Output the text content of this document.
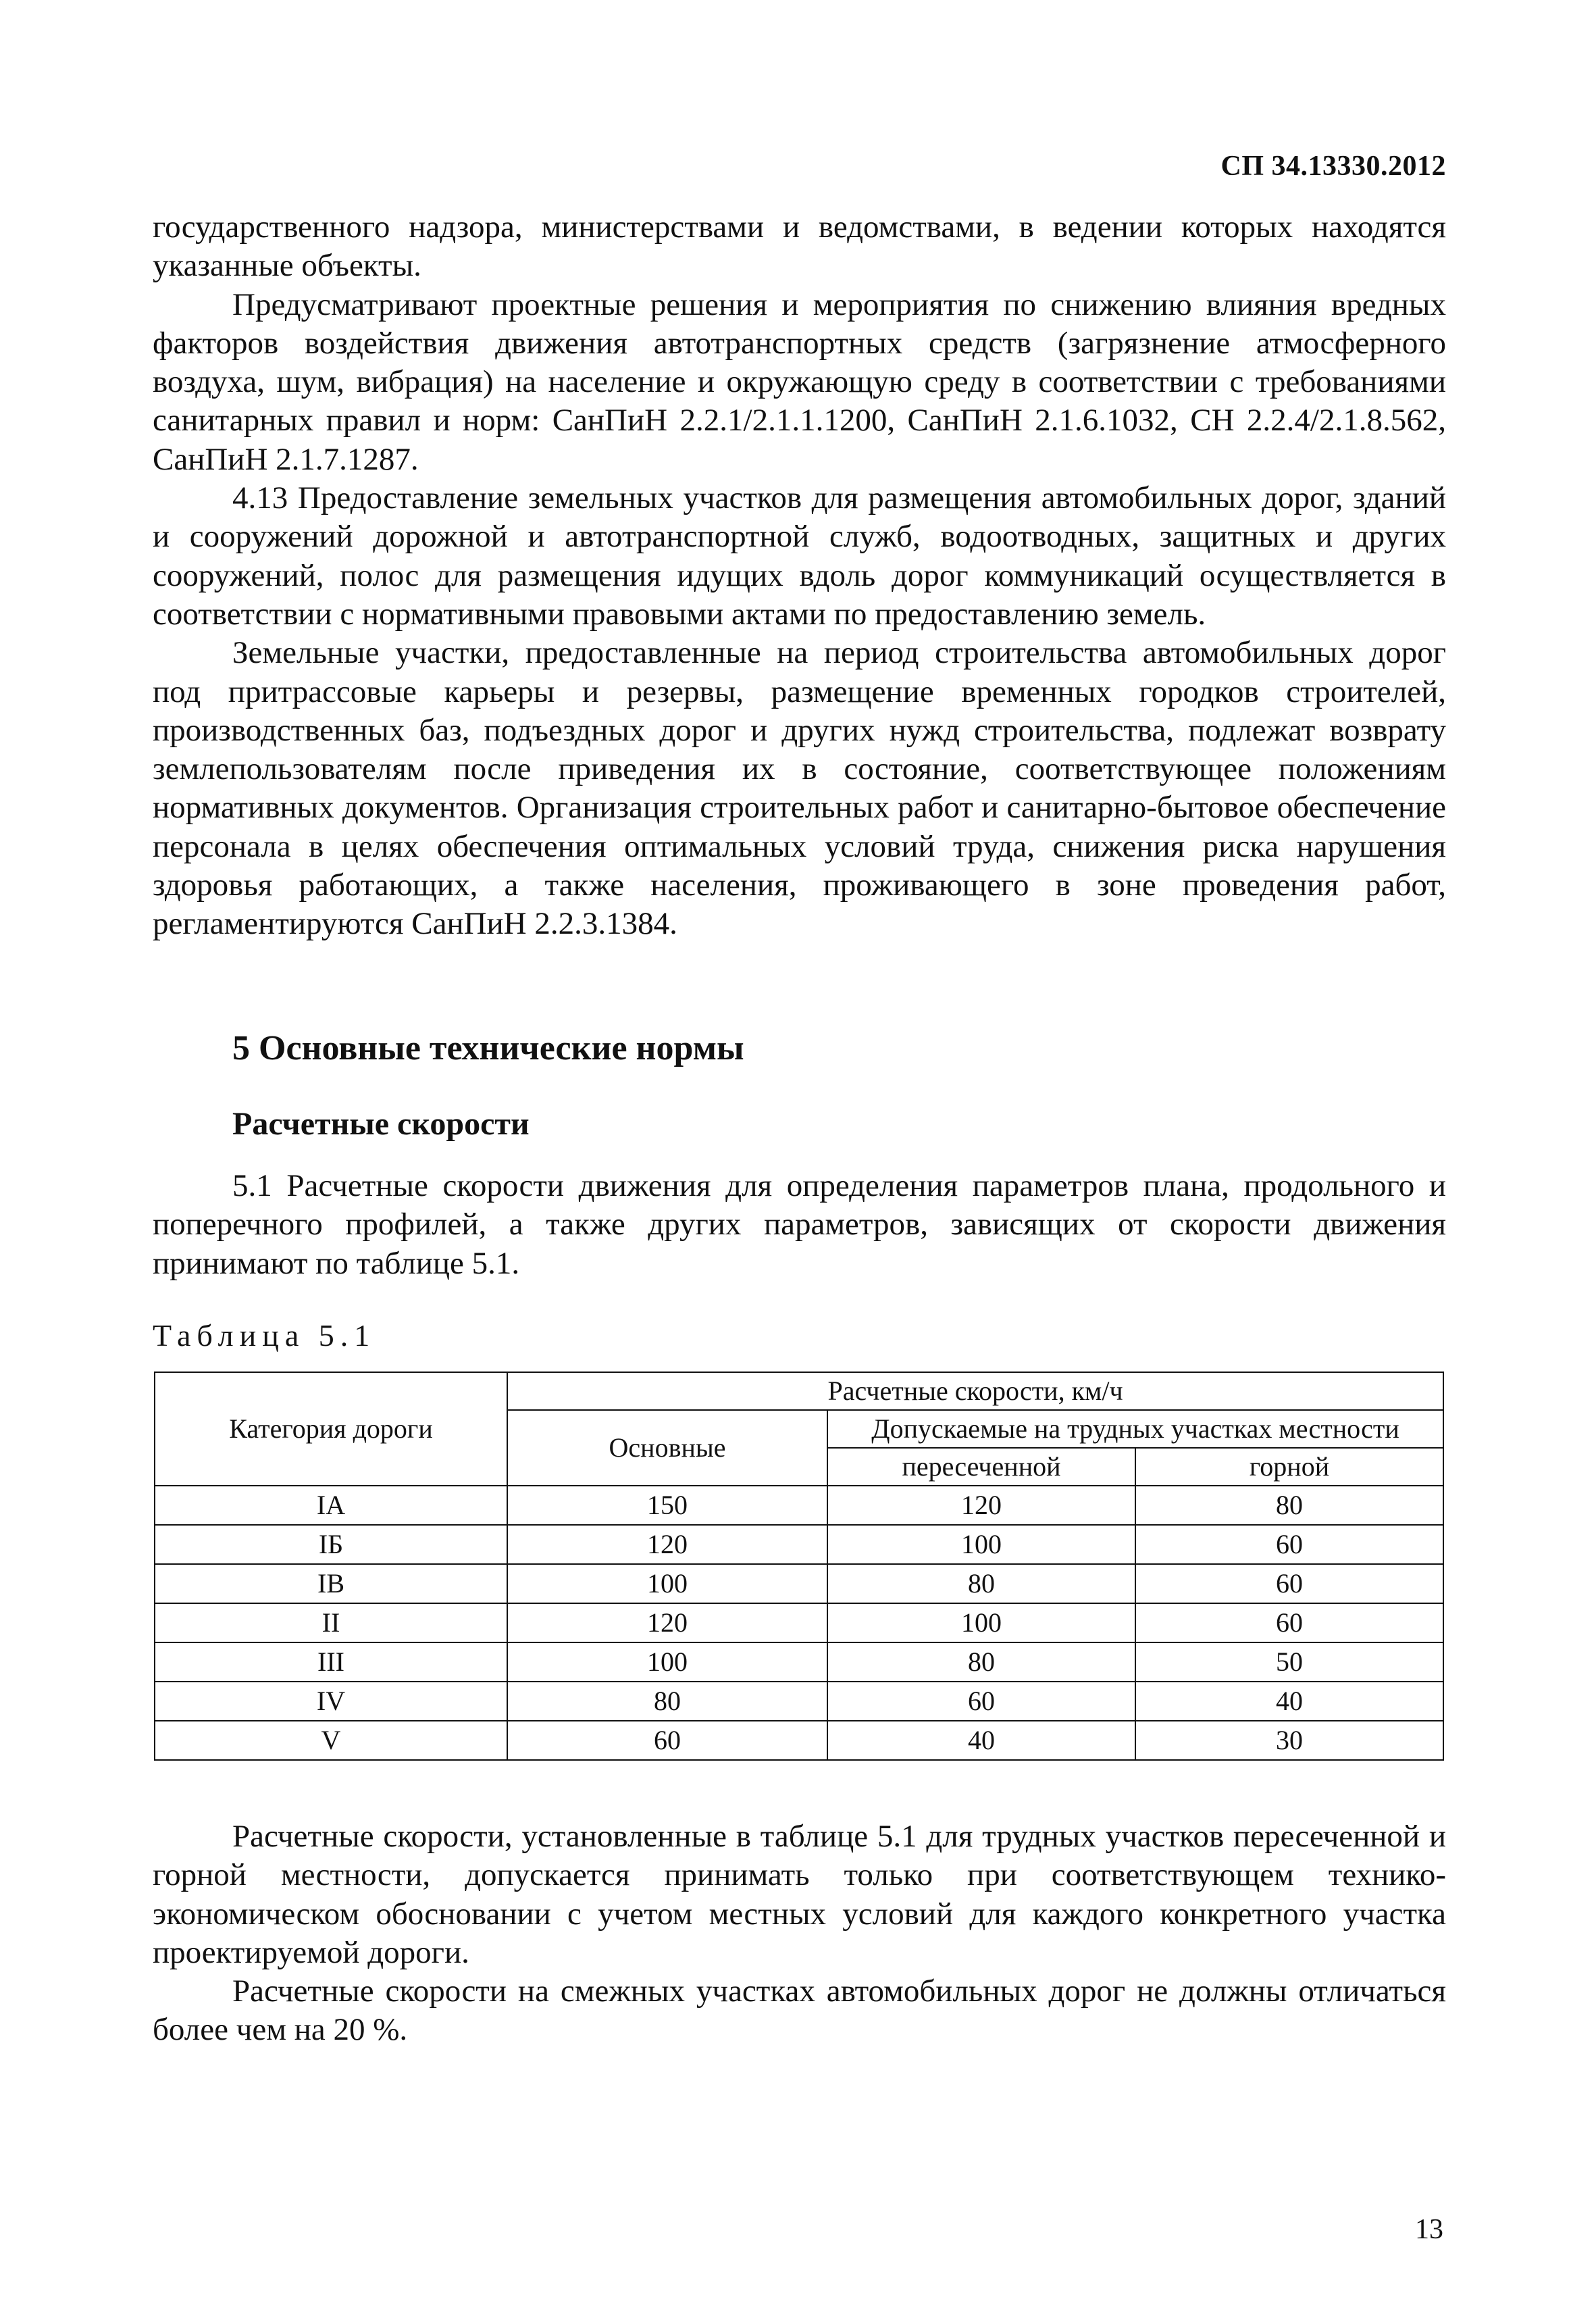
СП 34.13330.2012

государственного надзора, министерствами и ведомствами, в ведении которых находятся указанные объекты.

Предусматривают проектные решения и мероприятия по снижению влияния вредных факторов воздействия движения автотранспортных средств (загрязнение атмосферного воздуха, шум, вибрация) на население и окружающую среду в соответствии с требованиями санитарных правил и норм: СанПиН 2.2.1/2.1.1.1200, СанПиН 2.1.6.1032, СН 2.2.4/2.1.8.562, СанПиН 2.1.7.1287.

4.13 Предоставление земельных участков для размещения автомобильных дорог, зданий и сооружений дорожной и автотранспортной служб, водоотводных, защитных и других сооружений, полос для размещения идущих вдоль дорог коммуникаций осуществляется в соответствии с нормативными правовыми актами по предоставлению земель.

Земельные участки, предоставленные на период строительства автомобильных дорог под притрассовые карьеры и резервы, размещение временных городков строителей, производственных баз, подъездных дорог и других нужд строительства, подлежат возврату землепользователям после приведения их в состояние, соответствующее положениям нормативных документов. Организация строительных работ и санитарно-бытовое обеспечение персонала в целях обеспечения оптимальных условий труда, снижения риска нарушения здоровья работающих, а также населения, проживающего в зоне проведения работ, регламентируются СанПиН 2.2.3.1384.

5 Основные технические нормы
Расчетные скорости

5.1 Расчетные скорости движения для определения параметров плана, продольного и поперечного профилей, а также других параметров, зависящих от скорости движения принимают по таблице 5.1.

Таблица 5.1
Категория дороги	Расчетные скорости, км/ч		
	Основные	Допускаемые на трудных участках местности	
		пересеченной	горной
IA	150	120	80
IБ	120	100	60
IB	100	80	60
II	120	100	60
III	100	80	50
IV	80	60	40
V	60	40	30

Расчетные скорости, установленные в таблице 5.1 для трудных участков пересеченной и горной местности, допускается принимать только при соответствующем технико-экономическом обосновании с учетом местных условий для каждого конкретного участка проектируемой дороги.

Расчетные скорости на смежных участках автомобильных дорог не должны отличаться более чем на 20 %.

13
